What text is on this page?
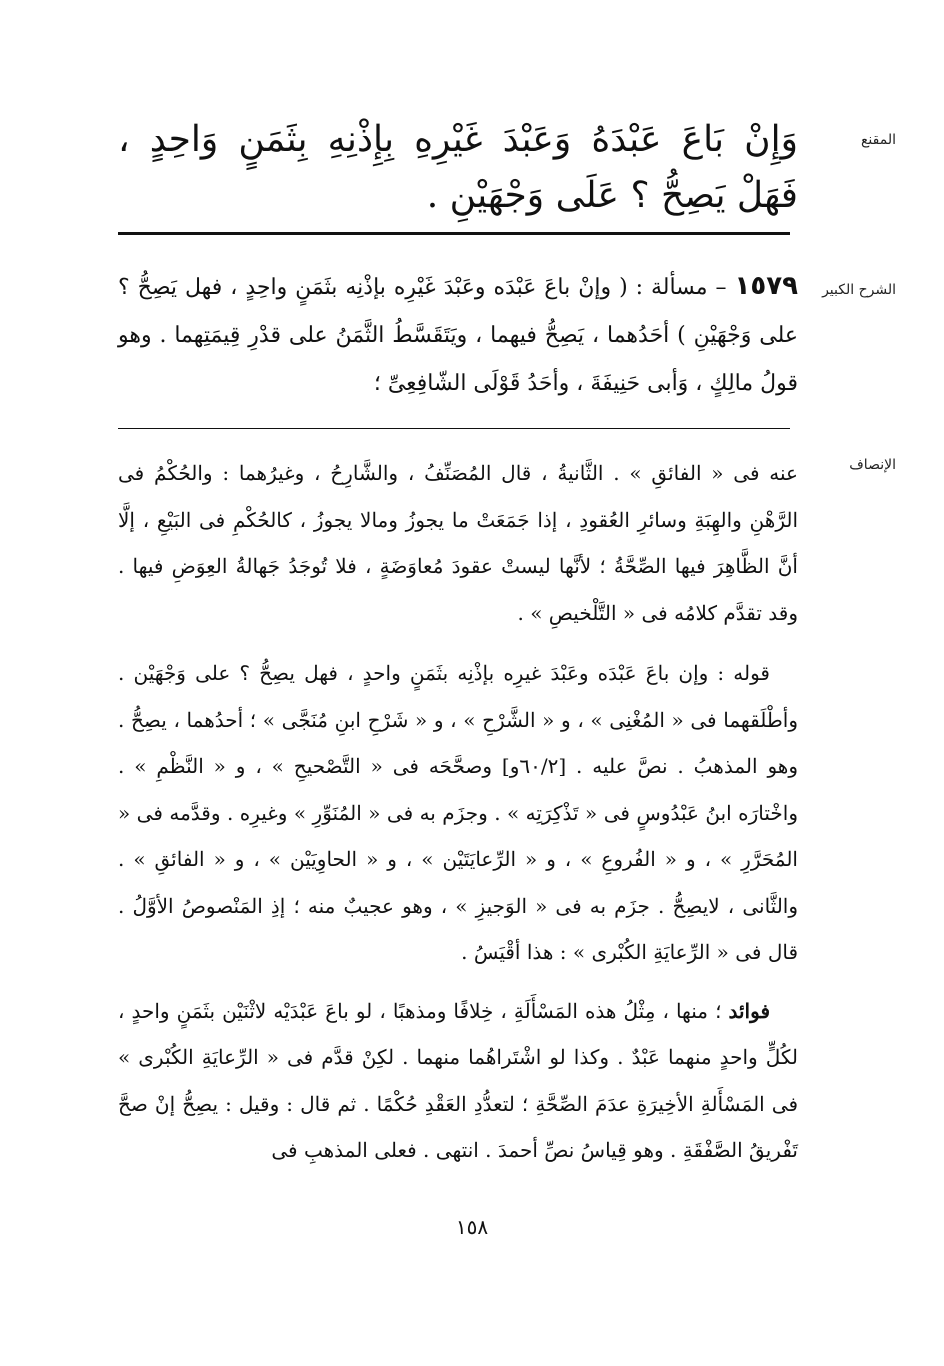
المقنع
وَإِنْ بَاعَ عَبْدَهُ وَعَبْدَ غَيْرِهِ بِإِذْنِهِ بِثَمَنٍ وَاحِدٍ ، فَهَلْ يَصِحُّ ؟ عَلَى وَجْهَيْنِ .
الشرح الكبير
١٥٧٩ – مسألة : ( وإنْ باعَ عَبْدَه وعَبْدَ غَيْرِه بإذْنِه بثَمَنٍ واحِدٍ ، فهل يَصِحُّ ؟ على وَجْهَيْنِ ) أحَدُهما ، يَصِحُّ فيهما ، ويَتَقَسَّطُ الثَّمَنُ على قدْرِ قِيمَتِهما . وهو قولُ مالِكٍ ، وَأبى حَنِيفَةَ ، وأحَدُ قَوْلَى الشّافِعِىِّ ؛
الإنصاف

عنه فى « الفائقِ » . الثَّانيةُ ، قال المُصَنِّفُ ، والشَّارِحُ ، وغيرُهما : والحُكْمُ فى الرَّهْنِ والهِبَةِ وسائرِ العُقودِ ، إذا جَمَعَتْ ما يجوزُ ومالا يجوزُ ، كالحُكْمِ فى البَيْعِ ، إلَّا أنَّ الظَّاهِرَ فيها الصِّحَّةُ ؛ لأنَّها ليستْ عقودَ مُعاوَضَةٍ ، فلا تُوجَدُ جَهالةُ العِوَضِ فيها . وقد تقدَّم كلامُه فى « التَّلْخيصِ » .

قوله : وإن باعَ عَبْدَه وعَبْدَ غيرِه بإذْنِه بثَمَنٍ واحدٍ ، فهل يصِحُّ ؟ على وَجْهَيْن . وأطْلَقهما فى « المُغْنِى » ، و « الشَّرْحِ » ، و « شَرْحِ ابنِ مُنَجَّى » ؛ أحدُهما ، يصِحُّ . وهو المذهبُ . نصَّ عليه . [٦٠/٢و] وصحَّحَه فى « التَّصْحيحِ » ، و « النَّظْمِ » . واخْتارَه ابنُ عَبْدُوسٍ فى « تَذْكِرَتِه » . وجزَم به فى « المُنَوِّرِ » وغيرِه . وقدَّمه فى « المُحَرَّرِ » ، و « الفُروعِ » ، و « الرِّعايَتَيْن » ، و « الحاوِيَيْن » ، و « الفائقِ » . والثَّانى ، لايصِحُّ . جزَم به فى « الوَجيزِ » ، وهو عجيبٌ منه ؛ إذِ المَنْصوصُ الأوَّلُ . قال فى « الرِّعايَةِ الكُبْرى » : هذا أقْيَسُ .

فوائد ؛ منها ، مِثْلُ هذه المَسْأَلَةِ ، خِلافًا ومذهبًا ، لو باعَ عَبْدَيْه لاثْنَيْن بثَمَنٍ واحدٍ ، لكُلٍّ واحدٍ منهما عَبْدٌ . وكذا لو اشْتَراهُما منهما . لكِنْ قدَّم فى « الرِّعايَةِ الكُبْرى » فى المَسْأَلةِ الأخِيرَةِ عدَمَ الصِّحَّةِ ؛ لتعدُّدِ العَقْدِ حُكْمًا . ثم قال : وقيل : يصِحُّ إنْ صحَّ تَفْريقُ الصَّفْقَةِ . وهو قِياسُ نصِّ أحمدَ . انتهى . فعلى المذهبِ فى

١٥٨
